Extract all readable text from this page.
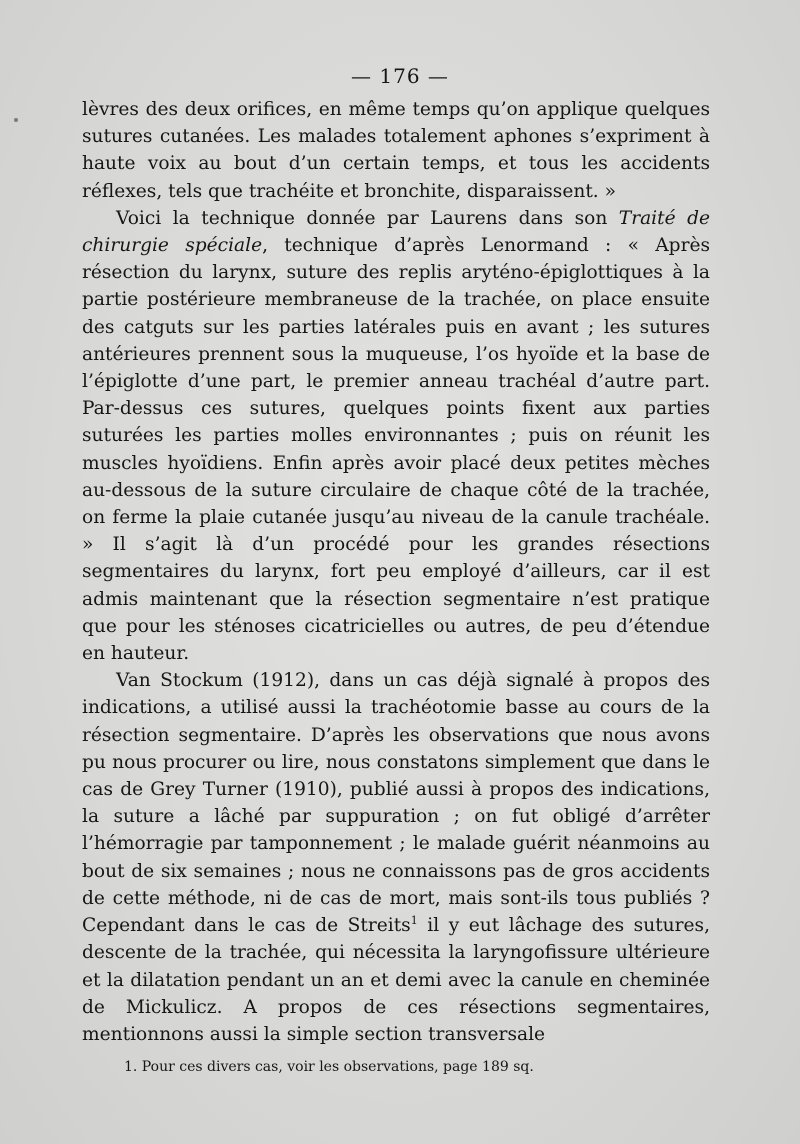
— 176 —

lèvres des deux orifices, en même temps qu’on applique quelques sutures cutanées. Les malades totalement aphones s’expriment à haute voix au bout d’un certain temps, et tous les accidents réflexes, tels que trachéite et bronchite, disparaissent. »

Voici la technique donnée par Laurens dans son Traité de chirurgie spéciale, technique d’après Lenormand : « Après résection du larynx, suture des replis aryténo-épiglottiques à la partie postérieure membraneuse de la trachée, on place ensuite des catguts sur les parties latérales puis en avant ; les sutures antérieures prennent sous la muqueuse, l’os hyoïde et la base de l’épiglotte d’une part, le premier anneau trachéal d’autre part. Par-dessus ces sutures, quelques points fixent aux parties suturées les parties molles environnantes ; puis on réunit les muscles hyoïdiens. Enfin après avoir placé deux petites mèches au-dessous de la suture circulaire de chaque côté de la trachée, on ferme la plaie cutanée jusqu’au niveau de la canule trachéale. » Il s’agit là d’un procédé pour les grandes résections segmentaires du larynx, fort peu employé d’ailleurs, car il est admis maintenant que la résection segmentaire n’est pratique que pour les sténoses cicatricielles ou autres, de peu d’étendue en hauteur.

Van Stockum (1912), dans un cas déjà signalé à propos des indications, a utilisé aussi la trachéotomie basse au cours de la résection segmentaire. D’après les observations que nous avons pu nous procurer ou lire, nous constatons simplement que dans le cas de Grey Turner (1910), publié aussi à propos des indications, la suture a lâché par suppuration ; on fut obligé d’arrêter l’hémorragie par tamponnement ; le malade guérit néanmoins au bout de six semaines ; nous ne connaissons pas de gros accidents de cette méthode, ni de cas de mort, mais sont-ils tous publiés ? Cependant dans le cas de Streits$^1$ il y eut lâchage des sutures, descente de la trachée, qui nécessita la laryngofissure ultérieure et la dilatation pendant un an et demi avec la canule en cheminée de Mickulicz. A propos de ces résections segmentaires, mentionnons aussi la simple section transversale

1. Pour ces divers cas, voir les observations, page 189 sq.
